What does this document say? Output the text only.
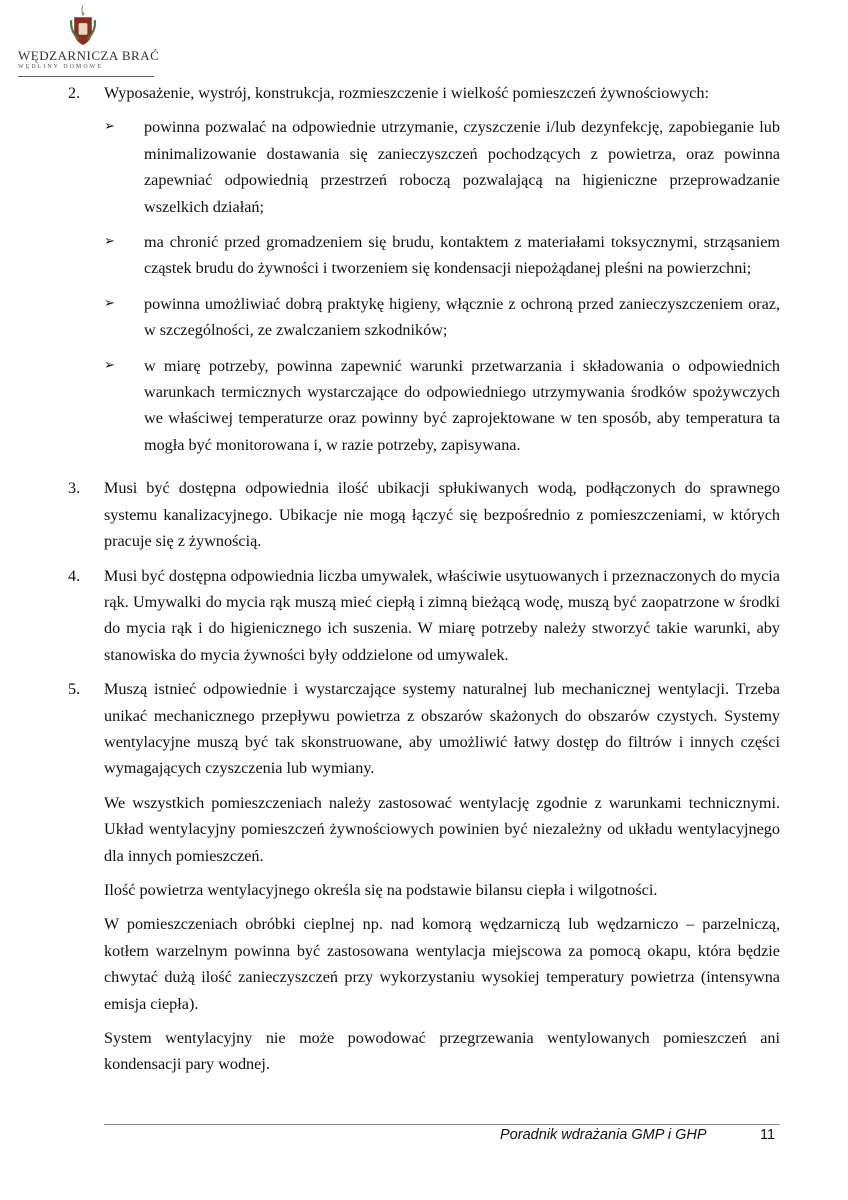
WĘDZARNICZA BRAĆ
WĘDLINY DOMOWE
2.	Wyposażenie, wystrój, konstrukcja, rozmieszczenie i wielkość pomieszczeń żywnościowych:
➢	powinna pozwalać na odpowiednie utrzymanie, czyszczenie i/lub dezynfekcję, zapobieganie lub minimalizowanie dostawania się zanieczyszczeń pochodzących z powietrza, oraz powinna zapewniać odpowiednią przestrzeń roboczą pozwalającą na higieniczne przeprowadzanie wszelkich działań;
➢	ma chronić przed gromadzeniem się brudu, kontaktem z materiałami toksycznymi, strząsaniem cząstek brudu do żywności i tworzeniem się kondensacji niepożądanej pleśni na powierzchni;
➢	powinna umożliwiać dobrą praktykę higieny, włącznie z ochroną przed zanieczyszczeniem oraz, w szczególności, ze zwalczaniem szkodników;
➢	w miarę potrzeby, powinna zapewnić warunki przetwarzania i składowania o odpowiednich warunkach termicznych wystarczające do odpowiedniego utrzymywania środków spożywczych we właściwej temperaturze oraz powinny być zaprojektowane w ten sposób, aby temperatura ta mogła być monitorowana i, w razie potrzeby, zapisywana.
3.	Musi być dostępna odpowiednia ilość ubikacji spłukiwanych wodą, podłączonych do sprawnego systemu kanalizacyjnego. Ubikacje nie mogą łączyć się bezpośrednio z pomieszczeniami, w których pracuje się z żywnością.
4.	Musi być dostępna odpowiednia liczba umywalek, właściwie usytuowanych i przeznaczonych do mycia rąk. Umywalki do mycia rąk muszą mieć ciepłą i zimną bieżącą wodę, muszą być zaopatrzone w środki do mycia rąk i do higienicznego ich suszenia. W miarę potrzeby należy stworzyć takie warunki, aby stanowiska do mycia żywności były oddzielone od umywalek.
5.	Muszą istnieć odpowiednie i wystarczające systemy naturalnej lub mechanicznej wentylacji. Trzeba unikać mechanicznego przepływu powietrza z obszarów skażonych do obszarów czystych. Systemy wentylacyjne muszą być tak skonstruowane, aby umożliwić łatwy dostęp do filtrów i innych części wymagających czyszczenia lub wymiany.

We wszystkich pomieszczeniach należy zastosować wentylację zgodnie z warunkami technicznymi. Układ wentylacyjny pomieszczeń żywnościowych powinien być niezależny od układu wentylacyjnego dla innych pomieszczeń.

Ilość powietrza wentylacyjnego określa się na podstawie bilansu ciepła i wilgotności.

W pomieszczeniach obróbki cieplnej np. nad komorą wędzarniczą lub wędzarniczo – parzelniczą, kotłem warzelnym powinna być zastosowana wentylacja miejscowa za pomocą okapu, która będzie chwytać dużą ilość zanieczyszczeń przy wykorzystaniu wysokiej temperatury powietrza (intensywna emisja ciepła).

System wentylacyjny nie może powodować przegrzewania wentylowanych pomieszczeń ani kondensacji pary wodnej.

Poradnik wdrażania GMP i GHP	11
